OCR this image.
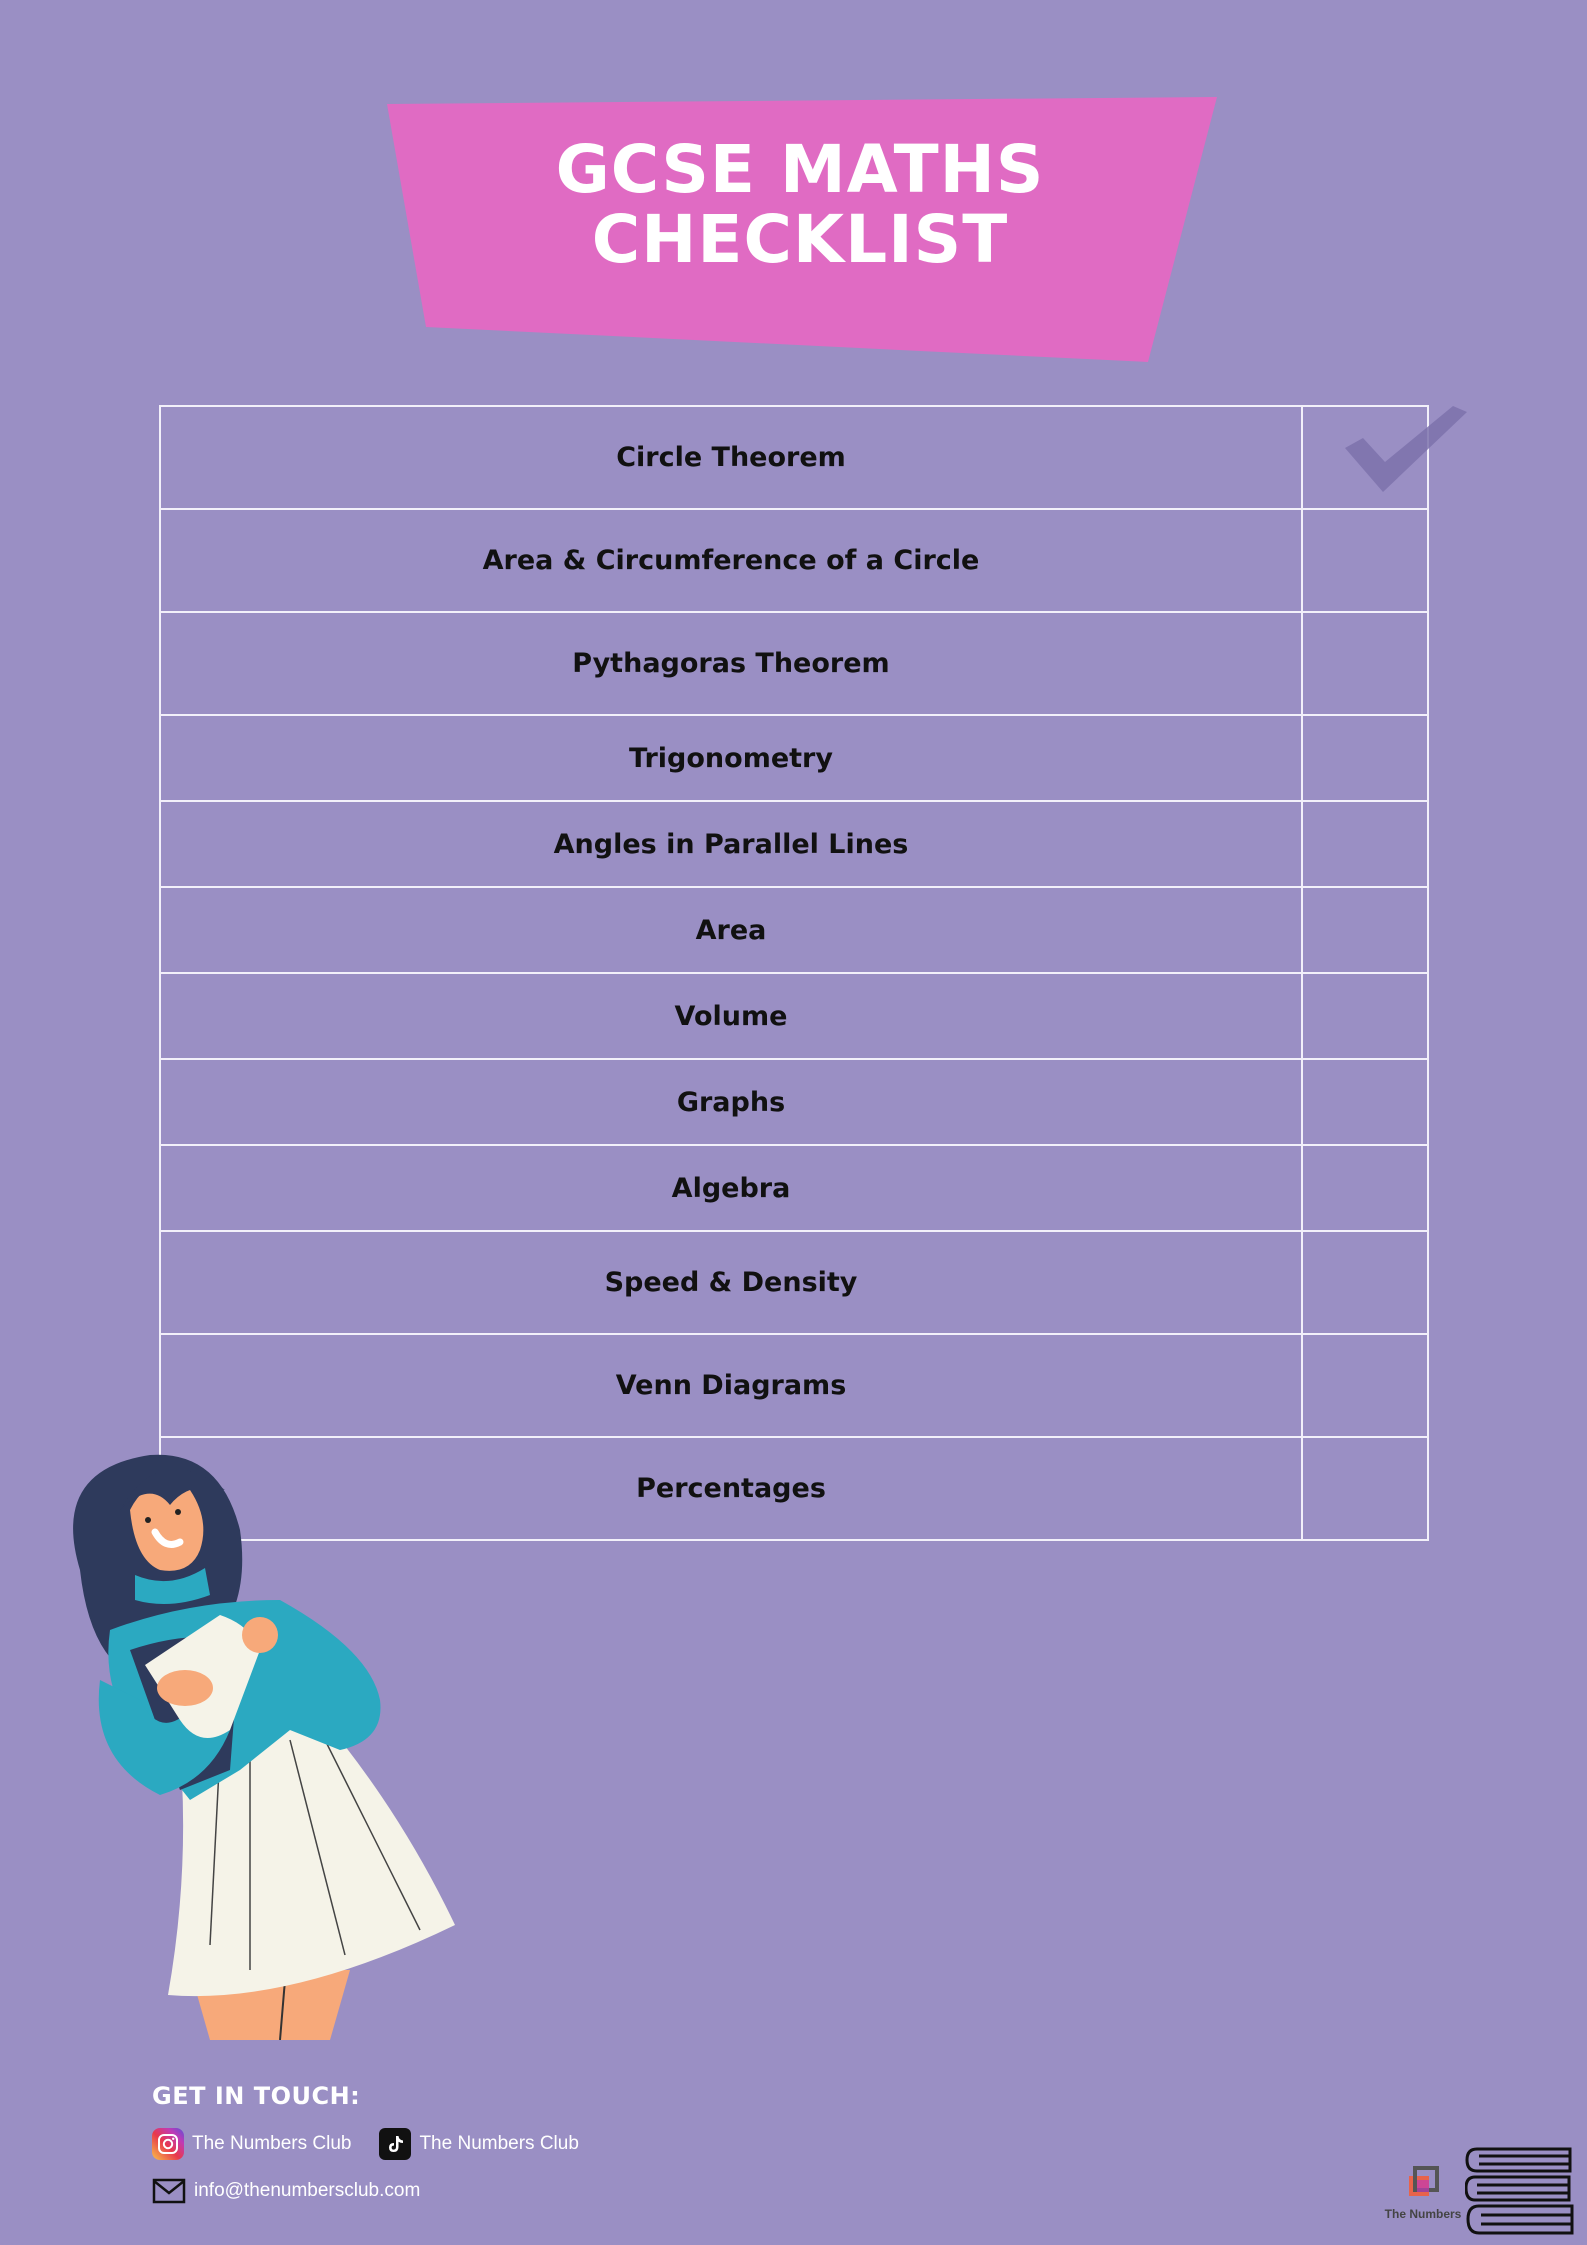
GCSE MATHS
CHECKLIST
Circle Theorem	
Area & Circumference of a Circle	
Pythagoras Theorem	
Trigonometry	
Angles in Parallel Lines	
Area	
Volume	
Graphs	
Algebra	
Speed & Density	
Venn Diagrams	
Percentages	
GET IN TOUCH:
The Numbers Club	The Numbers Club
info@thenumbersclub.com
The Numbers
